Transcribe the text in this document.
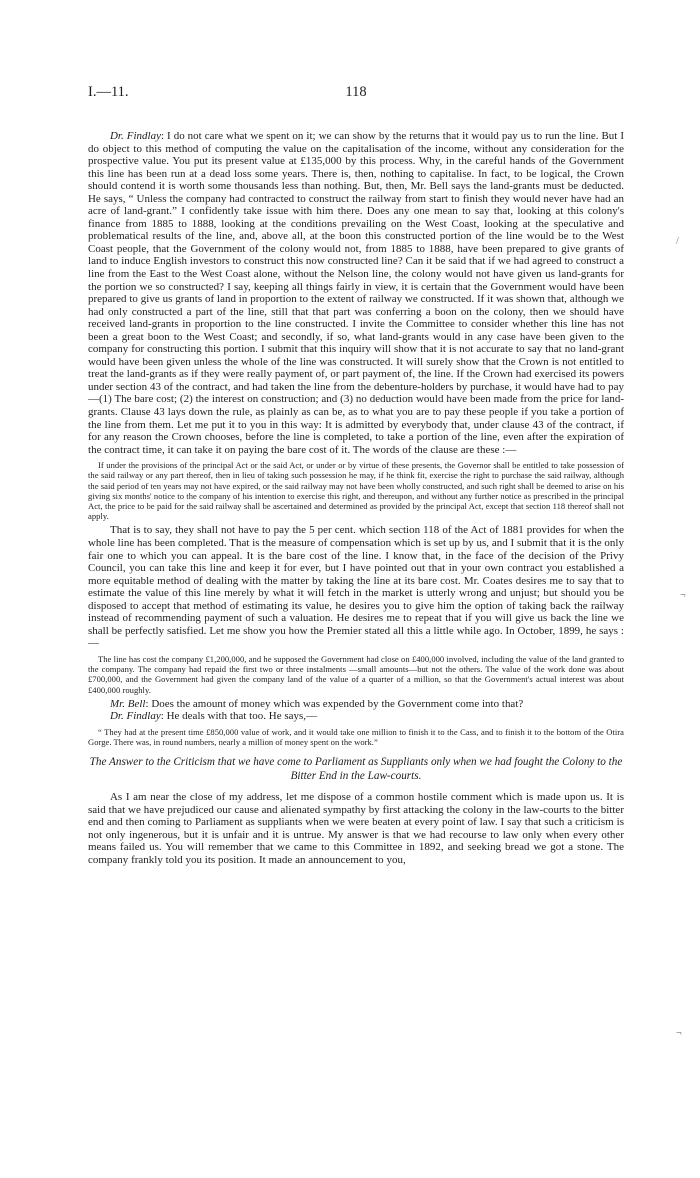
I.—11.	118

Dr. Findlay: I do not care what we spent on it; we can show by the returns that it would pay us to run the line. But I do object to this method of computing the value on the capitalisation of the income, without any consideration for the prospective value. You put its present value at £135,000 by this process. Why, in the careful hands of the Government this line has been run at a dead loss some years. There is, then, nothing to capitalise. In fact, to be logical, the Crown should contend it is worth some thousands less than nothing. But, then, Mr. Bell says the land-grants must be deducted. He says, “ Unless the company had contracted to construct the railway from start to finish they would never have had an acre of land-grant.” I confidently take issue with him there. Does any one mean to say that, looking at this colony's finance from 1885 to 1888, looking at the conditions prevailing on the West Coast, looking at the speculative and problematical results of the line, and, above all, at the boon this constructed portion of the line would be to the West Coast people, that the Government of the colony would not, from 1885 to 1888, have been prepared to give grants of land to induce English investors to construct this now constructed line? Can it be said that if we had agreed to construct a line from the East to the West Coast alone, without the Nelson line, the colony would not have given us land-grants for the portion we so constructed? I say, keeping all things fairly in view, it is certain that the Government would have been prepared to give us grants of land in proportion to the extent of railway we constructed. If it was shown that, although we had only constructed a part of the line, still that that part was conferring a boon on the colony, then we should have received land-grants in proportion to the line constructed. I invite the Committee to consider whether this line has not been a great boon to the West Coast; and secondly, if so, what land-grants would in any case have been given to the company for constructing this portion. I submit that this inquiry will show that it is not accurate to say that no land-grant would have been given unless the whole of the line was constructed. It will surely show that the Crown is not entitled to treat the land-grants as if they were really payment of, or part payment of, the line. If the Crown had exercised its powers under section 43 of the contract, and had taken the line from the debenture-holders by purchase, it would have had to pay—(1) The bare cost; (2) the interest on construction; and (3) no deduction would have been made from the price for land-grants. Clause 43 lays down the rule, as plainly as can be, as to what you are to pay these people if you take a portion of the line from them. Let me put it to you in this way: It is admitted by everybody that, under clause 43 of the contract, if for any reason the Crown chooses, before the line is completed, to take a portion of the line, even after the expiration of the contract time, it can take it on paying the bare cost of it. The words of the clause are these :—

If under the provisions of the principal Act or the said Act, or under or by virtue of these presents, the Governor shall be entitled to take possession of the said railway or any part thereof, then in lieu of taking such possession he may, if he think fit, exercise the right to purchase the said railway, although the said period of ten years may not have expired, or the said railway may not have been wholly constructed, and such right shall be deemed to arise on his giving six months' notice to the company of his intention to exercise this right, and thereupon, and without any further notice as prescribed in the principal Act, the price to be paid for the said railway shall be ascertained and determined as provided by the principal Act, except that section 118 thereof shall not apply.

That is to say, they shall not have to pay the 5 per cent. which section 118 of the Act of 1881 provides for when the whole line has been completed. That is the measure of compensation which is set up by us, and I submit that it is the only fair one to which you can appeal. It is the bare cost of the line. I know that, in the face of the decision of the Privy Council, you can take this line and keep it for ever, but I have pointed out that in your own contract you established a more equitable method of dealing with the matter by taking the line at its bare cost. Mr. Coates desires me to say that to estimate the value of this line merely by what it will fetch in the market is utterly wrong and unjust; but should you be disposed to accept that method of estimating its value, he desires you to give him the option of taking back the railway instead of recommending payment of such a valuation. He desires me to repeat that if you will give us back the line we shall be perfectly satisfied. Let me show you how the Premier stated all this a little while ago. In October, 1899, he says :—

The line has cost the company £1,200,000, and he supposed the Government had close on £400,000 involved, including the value of the land granted to the company. The company had repaid the first two or three instalments —small amounts—but not the others. The value of the work done was about £700,000, and the Government had given the company land of the value of a quarter of a million, so that the Government's actual interest was about £400,000 roughly.

Mr. Bell: Does the amount of money which was expended by the Government come into that?

Dr. Findlay: He deals with that too. He says,—

“ They had at the present time £850,000 value of work, and it would take one million to finish it to the Cass, and to finish it to the bottom of the Otira Gorge. There was, in round numbers, nearly a million of money spent on the work.”

The Answer to the Criticism that we have come to Parliament as Suppliants only when we had fought the Colony to the Bitter End in the Law-courts.

As I am near the close of my address, let me dispose of a common hostile comment which is made upon us. It is said that we have prejudiced our cause and alienated sympathy by first attacking the colony in the law-courts to the bitter end and then coming to Parliament as suppliants when we were beaten at every point of law. I say that such a criticism is not only ingenerous, but it is unfair and it is untrue. My answer is that we had recourse to law only when every other means failed us. You will remember that we came to this Committee in 1892, and seeking bread we got a stone. The company frankly told you its position. It made an announcement to you,

/
¬
¬
